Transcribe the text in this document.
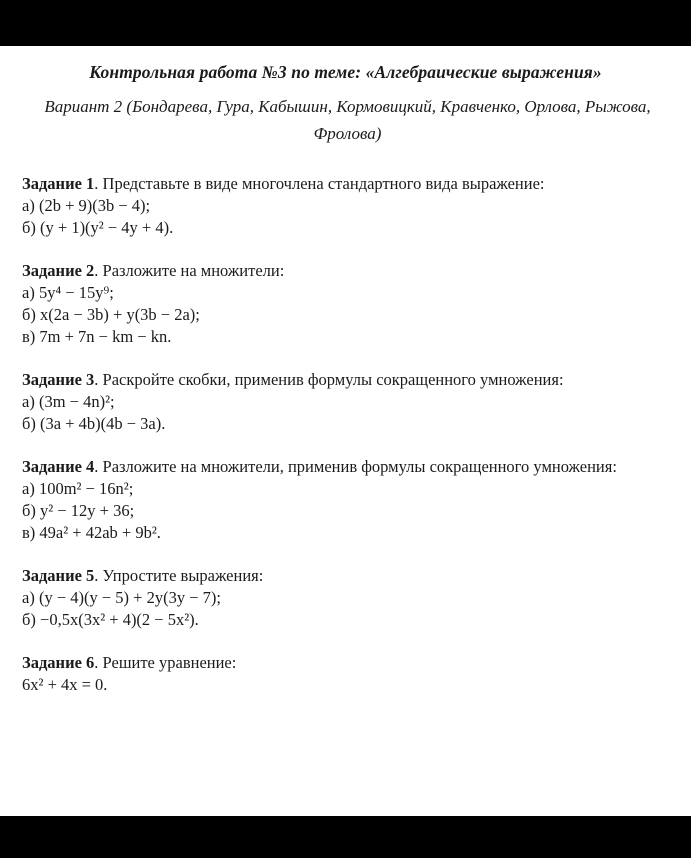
Контрольная работа №3 по теме: «Алгебраические выражения»
Вариант 2 (Бондарева, Гура, Кабышин, Кормовицкий, Кравченко, Орлова, Рыжова, Фролова)
Задание 1. Представьте в виде многочлена стандартного вида выражение:
а) (2b + 9)(3b − 4);
б) (y + 1)(y² − 4y + 4).
Задание 2. Разложите на множители:
а) 5y⁴ − 15y⁹;
б) x(2a − 3b) + y(3b − 2a);
в) 7m + 7n − km − kn.
Задание 3. Раскройте скобки, применив формулы сокращенного умножения:
а) (3m − 4n)²;
б) (3a + 4b)(4b − 3a).
Задание 4. Разложите на множители, применив формулы сокращенного умножения:
а) 100m² − 16n²;
б) y² − 12y + 36;
в) 49a² + 42ab + 9b².
Задание 5. Упростите выражения:
а) (y − 4)(y − 5) + 2y(3y − 7);
б) −0,5x(3x² + 4)(2 − 5x²).
Задание 6. Решите уравнение:
6x² + 4x = 0.
